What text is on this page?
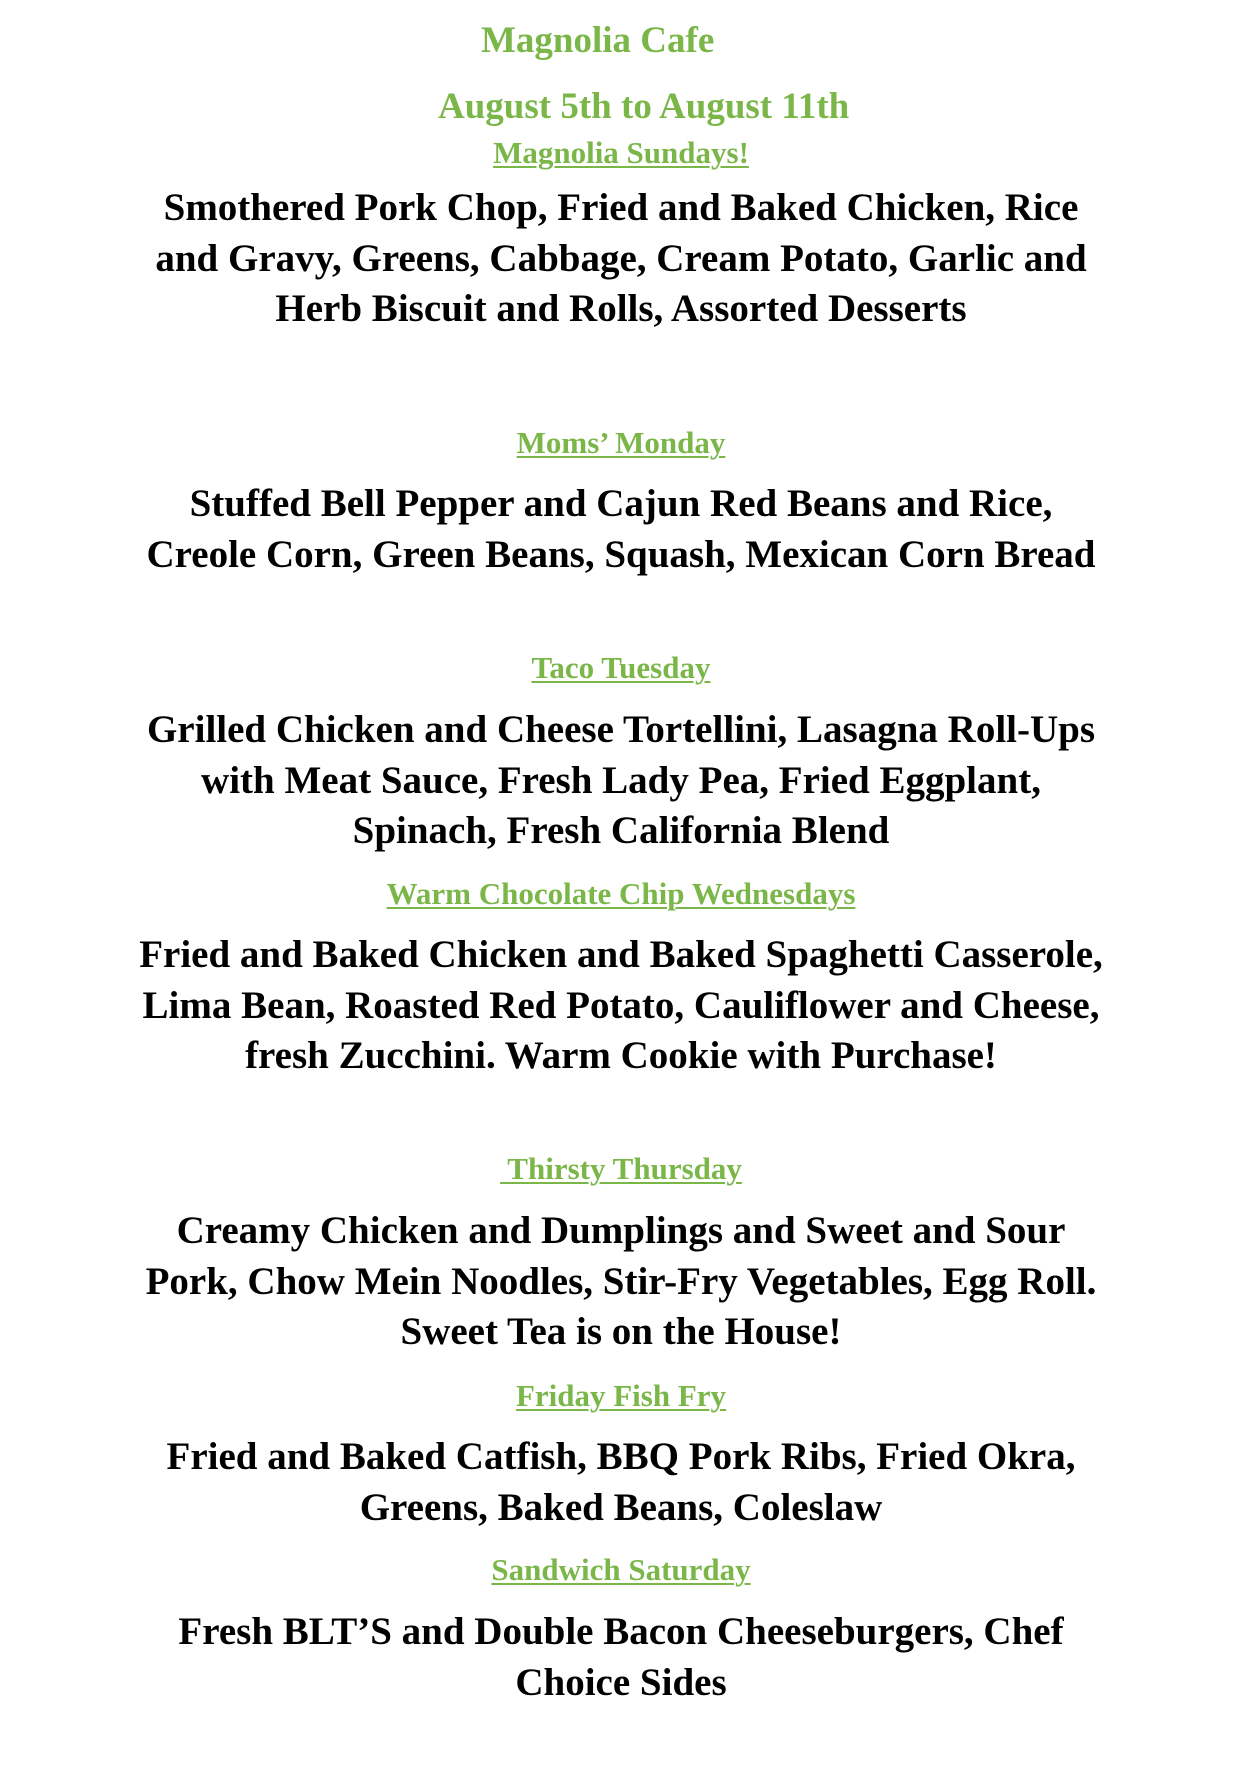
Magnolia Cafe
August 5th to August 11th
Magnolia Sundays!

Smothered Pork Chop, Fried and Baked Chicken, Rice and Gravy, Greens, Cabbage, Cream Potato, Garlic and Herb Biscuit and Rolls, Assorted Desserts

Moms’ Monday

Stuffed Bell Pepper and Cajun Red Beans and Rice, Creole Corn, Green Beans, Squash, Mexican Corn Bread

Taco Tuesday

Grilled Chicken and Cheese Tortellini, Lasagna Roll-Ups with Meat Sauce, Fresh Lady Pea, Fried Eggplant, Spinach, Fresh California Blend

Warm Chocolate Chip Wednesdays

Fried and Baked Chicken and Baked Spaghetti Casserole, Lima Bean, Roasted Red Potato, Cauliflower and Cheese, fresh Zucchini. Warm Cookie with Purchase!

Thirsty Thursday

Creamy Chicken and Dumplings and Sweet and Sour Pork, Chow Mein Noodles, Stir-Fry Vegetables, Egg Roll. Sweet Tea is on the House!

Friday Fish Fry

Fried and Baked Catfish, BBQ Pork Ribs, Fried Okra, Greens, Baked Beans, Coleslaw

Sandwich Saturday

Fresh BLT’S and Double Bacon Cheeseburgers, Chef Choice Sides
